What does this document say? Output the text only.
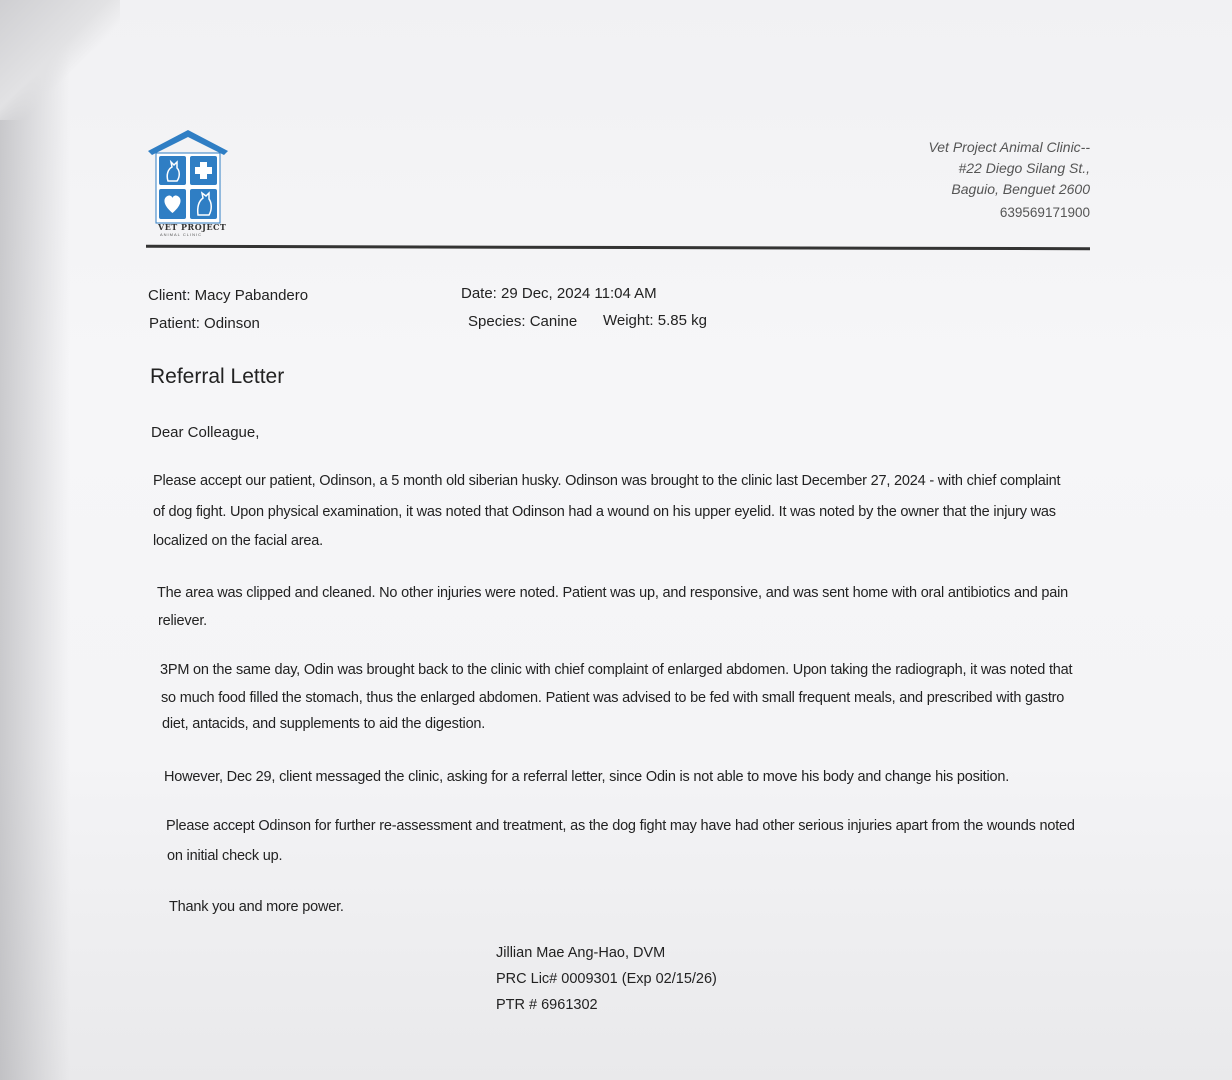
VET PROJECT
ANIMAL CLINIC
Vet Project Animal Clinic--
#22 Diego Silang St.,
Baguio, Benguet 2600
639569171900
Client: Macy Pabandero
Patient: Odinson
Date: 29 Dec, 2024 11:04 AM
Species: Canine Weight: 5.85 kg
Referral Letter
Dear Colleague,
Please accept our patient, Odinson, a 5 month old siberian husky. Odinson was brought to the clinic last December 27, 2024 - with chief complaint
of dog fight. Upon physical examination, it was noted that Odinson had a wound on his upper eyelid. It was noted by the owner that the injury was
localized on the facial area.
The area was clipped and cleaned. No other injuries were noted. Patient was up, and responsive, and was sent home with oral antibiotics and pain
reliever.
3PM on the same day, Odin was brought back to the clinic with chief complaint of enlarged abdomen. Upon taking the radiograph, it was noted that
so much food filled the stomach, thus the enlarged abdomen. Patient was advised to be fed with small frequent meals, and prescribed with gastro
diet, antacids, and supplements to aid the digestion.
However, Dec 29, client messaged the clinic, asking for a referral letter, since Odin is not able to move his body and change his position.
Please accept Odinson for further re-assessment and treatment, as the dog fight may have had other serious injuries apart from the wounds noted
on initial check up.
Thank you and more power.
Jillian Mae Ang-Hao, DVM
PRC Lic# 0009301 (Exp 02/15/26)
PTR # 6961302
